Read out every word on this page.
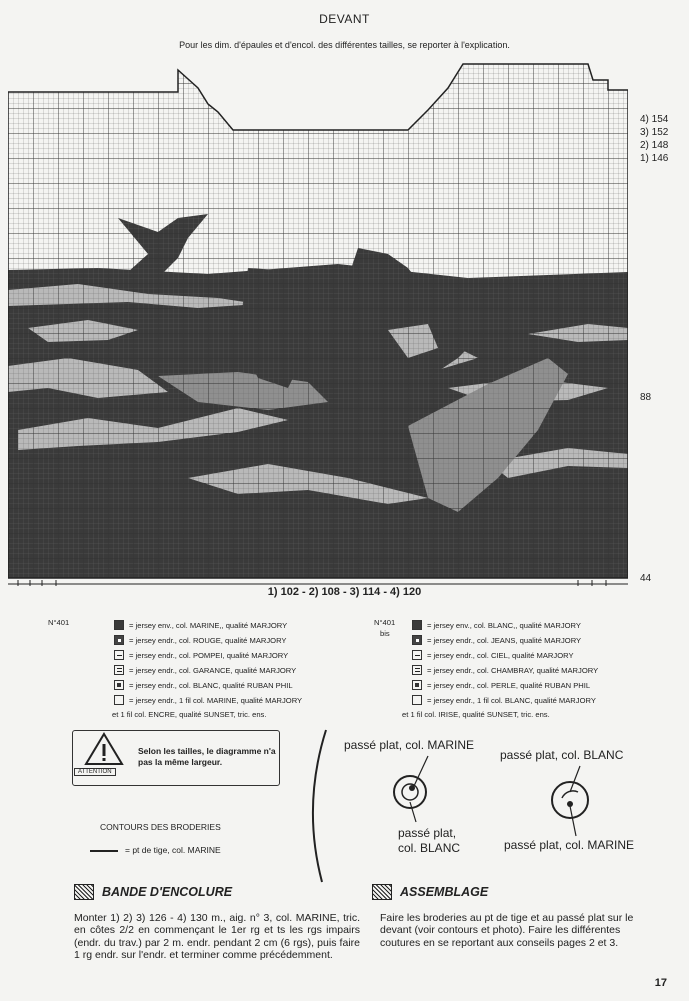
DEVANT
Pour les dim. d'épaules et d'encol. des différentes tailles, se reporter à l'explication.
4) 154
3) 152
2) 148
1) 146
88
44
1) 102 - 2) 108 - 3) 114 - 4) 120
N°401	= jersey env., col. MARINE,, qualité MARJORY
= jersey endr., col. ROUGE, qualité MARJORY
= jersey endr., col. POMPEI, qualité MARJORY
= jersey endr., col. GARANCE, qualité MARJORY
= jersey endr., col. BLANC, qualité RUBAN PHIL
= jersey endr., 1 fil col. MARINE, qualité MARJORY
et 1 fil col. ENCRE, qualité SUNSET, tric. ens.
N°401
bis
= jersey env., col. BLANC,, qualité MARJORY
= jersey endr., col. JEANS, qualité MARJORY
= jersey endr., col. CIEL, qualité MARJORY
= jersey endr., col. CHAMBRAY, qualité MARJORY
= jersey endr., col. PERLE, qualité RUBAN PHIL
= jersey endr., 1 fil col. BLANC, qualité MARJORY
et 1 fil col. IRISE, qualité SUNSET, tric. ens.
ATTENTION
Selon les tailles, le diagramme n'a pas la même largeur.
passé plat, col. MARINE
passé plat, col. BLANC
passé plat, col. BLANC
passé plat, col. MARINE
CONTOURS DES BRODERIES
= pt de tige, col. MARINE
BANDE D'ENCOLURE
Monter 1) 2) 3) 126 - 4) 130 m., aig. n° 3, col. MARINE, tric. en côtes 2/2 en commençant le 1er rg et ts les rgs impairs (endr. du trav.) par 2 m. endr. pendant 2 cm (6 rgs), puis faire 1 rg endr. sur l'endr. et terminer comme précédemment.
ASSEMBLAGE
Faire les broderies au pt de tige et au passé plat sur le devant (voir contours et photo). Faire les différentes coutures en se reportant aux conseils pages 2 et 3.
17
